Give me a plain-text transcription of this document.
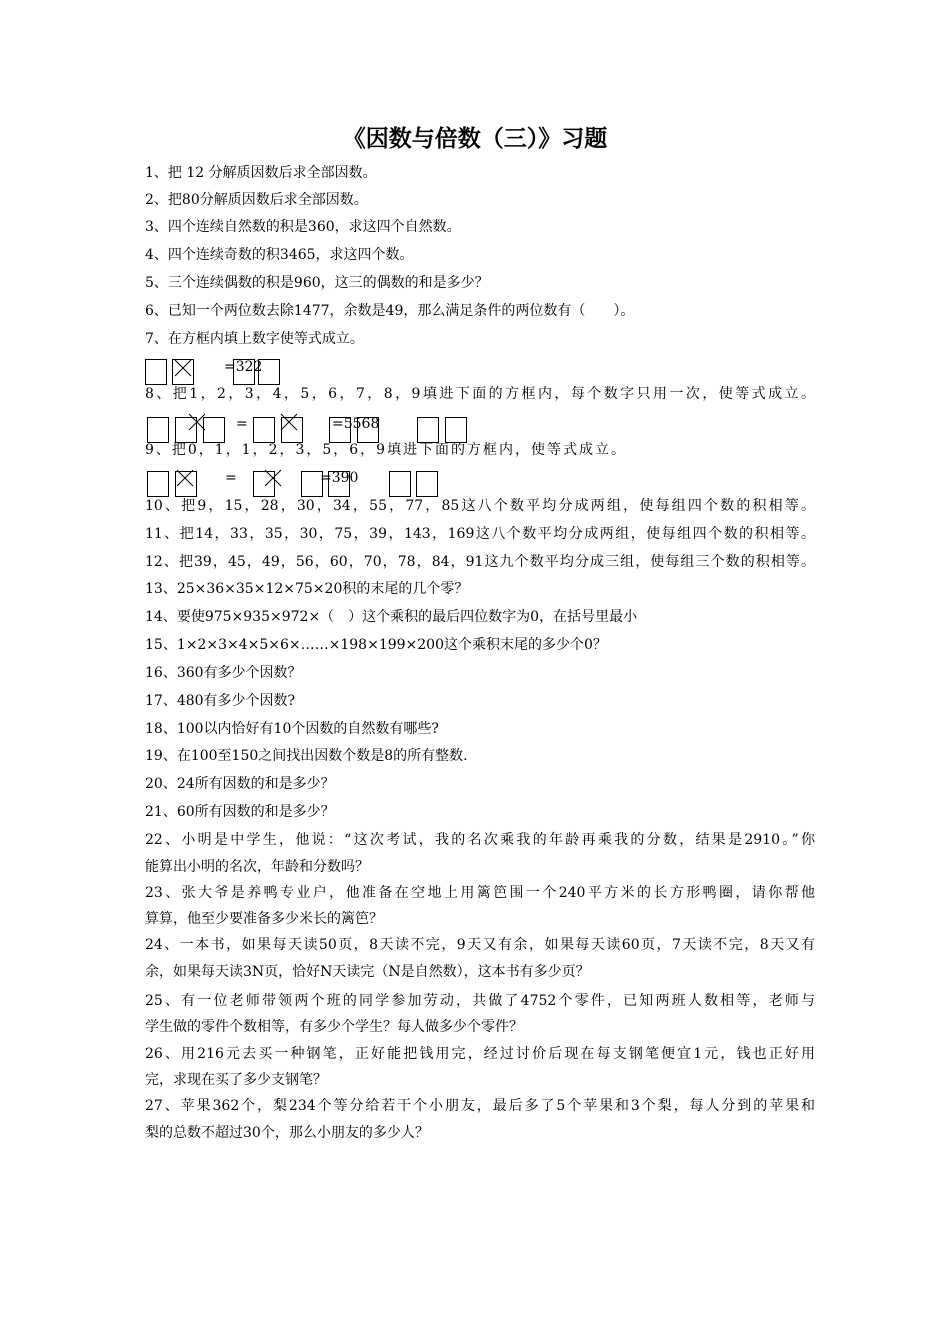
《因数与倍数（三）》习题
1、把 12 分解质因数后求全部因数。
2、把80分解质因数后求全部因数。
3、四个连续自然数的积是360，求这四个自然数。
4、四个连续奇数的积3465，求这四个数。
5、三个连续偶数的积是960，这三的偶数的和是多少？
6、已知一个两位数去除1477，余数是49，那么满足条件的两位数有（　　）。
7、在方框内填上数字使等式成立。
=322
8、把1，2，3，4，5，6，7，8，9填进下面的方框内，每个数字只用一次，使等式成立。
=	=5568
9、把0，1，1，2，3，5，6，9填进下面的方框内，使等式成立。
=	=390
10、把9，15，28，30，34，55，77，85这八个数平均分成两组，使每组四个数的积相等。
11、把14，33，35，30，75，39，143，169这八个数平均分成两组，使每组四个数的积相等。
12、把39，45，49，56，60，70，78，84，91这九个数平均分成三组，使每组三个数的积相等。
13、25×36×35×12×75×20积的末尾的几个零？
14、要使975×935×972×（　）这个乘积的最后四位数字为0，在括号里最小
15、1×2×3×4×5×6×……×198×199×200这个乘积末尾的多少个0？
16、360有多少个因数？
17、480有多少个因数?
18、100以内恰好有10个因数的自然数有哪些?
19、在100至150之间找出因数个数是8的所有整数.
20、24所有因数的和是多少？
21、60所有因数的和是多少？
22、小明是中学生，他说：“这次考试，我的名次乘我的年龄再乘我的分数，结果是2910。”你
能算出小明的名次，年龄和分数吗？
23、张大爷是养鸭专业户，他准备在空地上用篱笆围一个240平方米的长方形鸭圈，请你帮他
算算，他至少要准备多少米长的篱笆？
24、一本书，如果每天读50页，8天读不完，9天又有余，如果每天读60页，7天读不完，8天又有
余，如果每天读3N页，恰好N天读完（N是自然数），这本书有多少页？
25、有一位老师带领两个班的同学参加劳动，共做了4752个零件，已知两班人数相等，老师与
学生做的零件个数相等，有多少个学生？每人做多少个零件？
26、用216元去买一种钢笔，正好能把钱用完，经过讨价后现在每支钢笔便宜1元，钱也正好用
完，求现在买了多少支钢笔？
27、苹果362个，梨234个等分给若干个小朋友，最后多了5个苹果和3个梨，每人分到的苹果和
梨的总数不超过30个，那么小朋友的多少人？
